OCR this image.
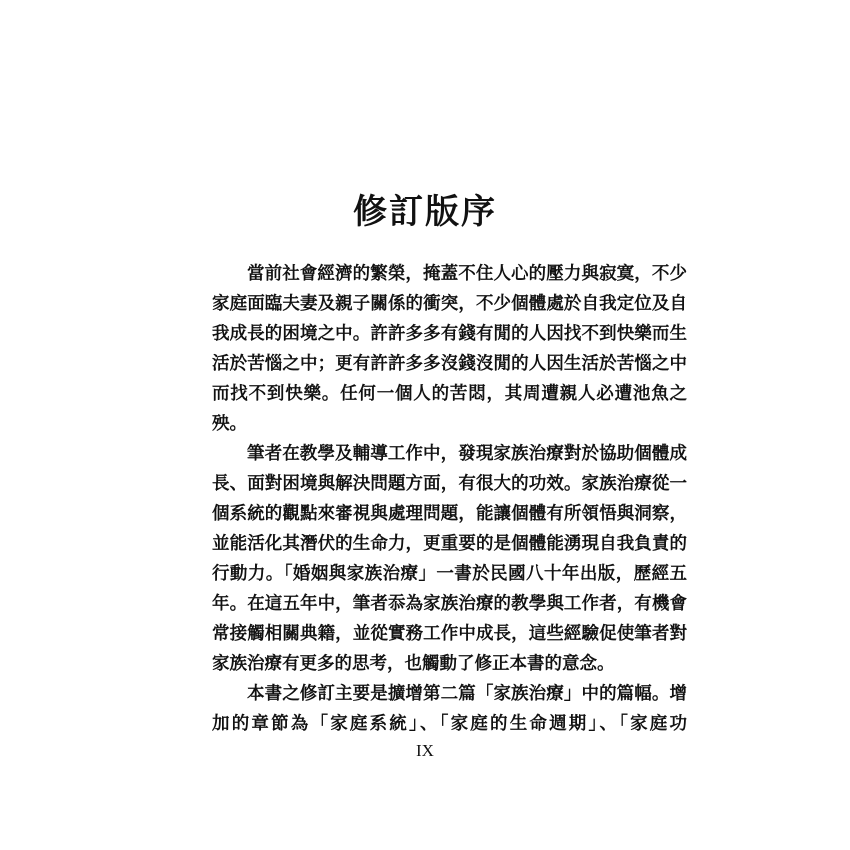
修訂版序
當前社會經濟的繁榮，掩蓋不住人心的壓力與寂寞，不少
家庭面臨夫妻及親子關係的衝突，不少個體處於自我定位及自
我成長的困境之中。許許多多有錢有閒的人因找不到快樂而生
活於苦惱之中；更有許許多多沒錢沒閒的人因生活於苦惱之中
而找不到快樂。任何一個人的苦悶，其周遭親人必遭池魚之
殃。
筆者在教學及輔導工作中，發現家族治療對於協助個體成
長、面對困境與解決問題方面，有很大的功效。家族治療從一
個系統的觀點來審視與處理問題，能讓個體有所領悟與洞察，
並能活化其潛伏的生命力，更重要的是個體能湧現自我負責的
行動力。「婚姻與家族治療」一書於民國八十年出版，歷經五
年。在這五年中，筆者忝為家族治療的教學與工作者，有機會
常接觸相關典籍，並從實務工作中成長，這些經驗促使筆者對
家族治療有更多的思考，也觸動了修正本書的意念。
本書之修訂主要是擴增第二篇「家族治療」中的篇幅。增
加的章節為「家庭系統」、「家庭的生命週期」、「家庭功
IX
